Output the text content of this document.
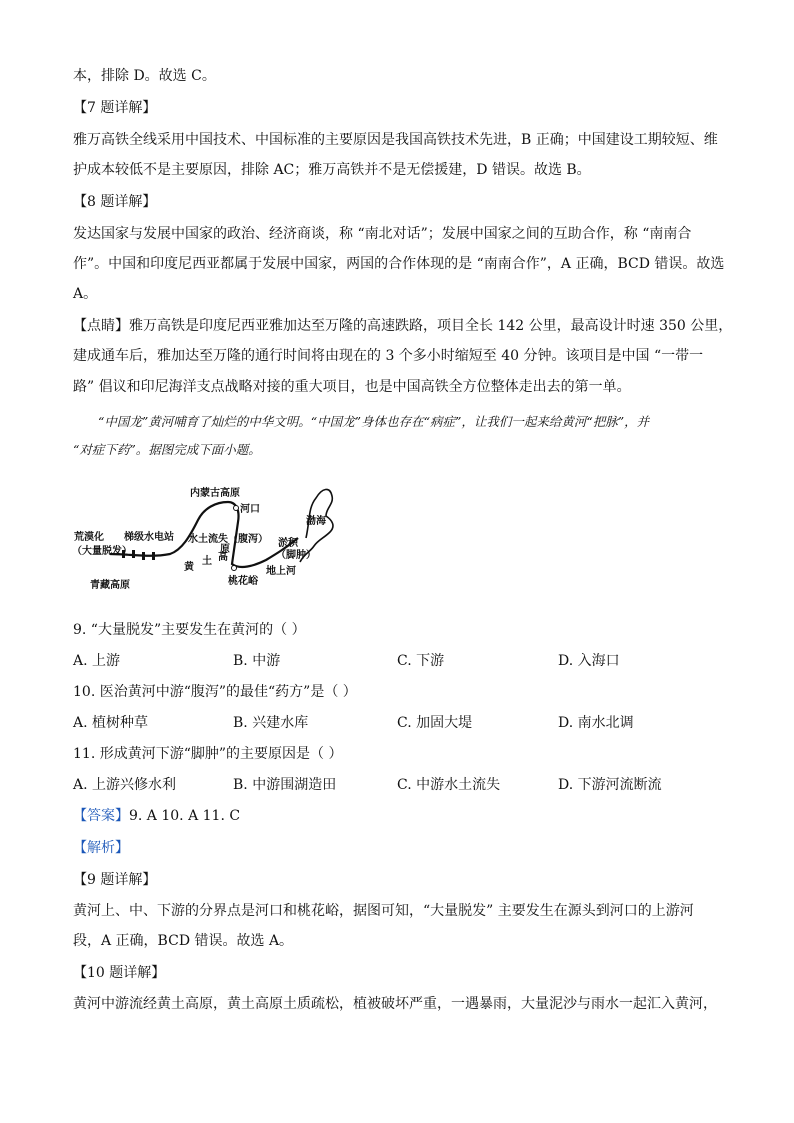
本，排除 D。故选 C。
【7 题详解】
雅万高铁全线采用中国技术、中国标准的主要原因是我国高铁技术先进，B 正确；中国建设工期较短、维
护成本较低不是主要原因，排除 AC；雅万高铁并不是无偿援建，D 错误。故选 B。
【8 题详解】
发达国家与发展中国家的政治、经济商谈，称 “南北对话”；发展中国家之间的互助合作，称 “南南合
作”。中国和印度尼西亚都属于发展中国家，两国的合作体现的是 “南南合作”，A 正确，BCD 错误。故选
A。
【点睛】雅万高铁是印度尼西亚雅加达至万隆的高速跌路，项目全长 142 公里，最高设计时速 350 公里，
建成通车后，雅加达至万隆的通行时间将由现在的 3 个多小时缩短至 40 分钟。该项目是中国 “一带一
路” 倡议和印尼海洋支点战略对接的重大项目，也是中国高铁全方位整体走出去的第一单。
“中国龙”黄河哺育了灿烂的中华文明。“中国龙”身体也存在“病症”，让我们一起来给黄河“把脉”，并
“对症下药”。据图完成下面小题。
内蒙古高原
河口
渤海
荒漠化
（大量脱发）
梯级水电站 水土流失（腹泻）
黄
土 高
原
淤积
（脚肿）
地上河
桃花峪
青藏高原
9. “大量脱发”主要发生在黄河的（ ）
A. 上游	B. 中游	C. 下游	D. 入海口
10. 医治黄河中游“腹泻”的最佳“药方”是（ ）
A. 植树种草	B. 兴建水库	C. 加固大堤	D. 南水北调
11. 形成黄河下游“脚肿”的主要原因是（ ）
A. 上游兴修水利	B. 中游围湖造田	C. 中游水土流失	D. 下游河流断流
【答案】9. A 10. A 11. C
【解析】
【9 题详解】
黄河上、中、下游的分界点是河口和桃花峪，据图可知，“大量脱发” 主要发生在源头到河口的上游河
段，A 正确，BCD 错误。故选 A。
【10 题详解】
黄河中游流经黄土高原，黄土高原土质疏松，植被破坏严重，一遇暴雨，大量泥沙与雨水一起汇入黄河，
